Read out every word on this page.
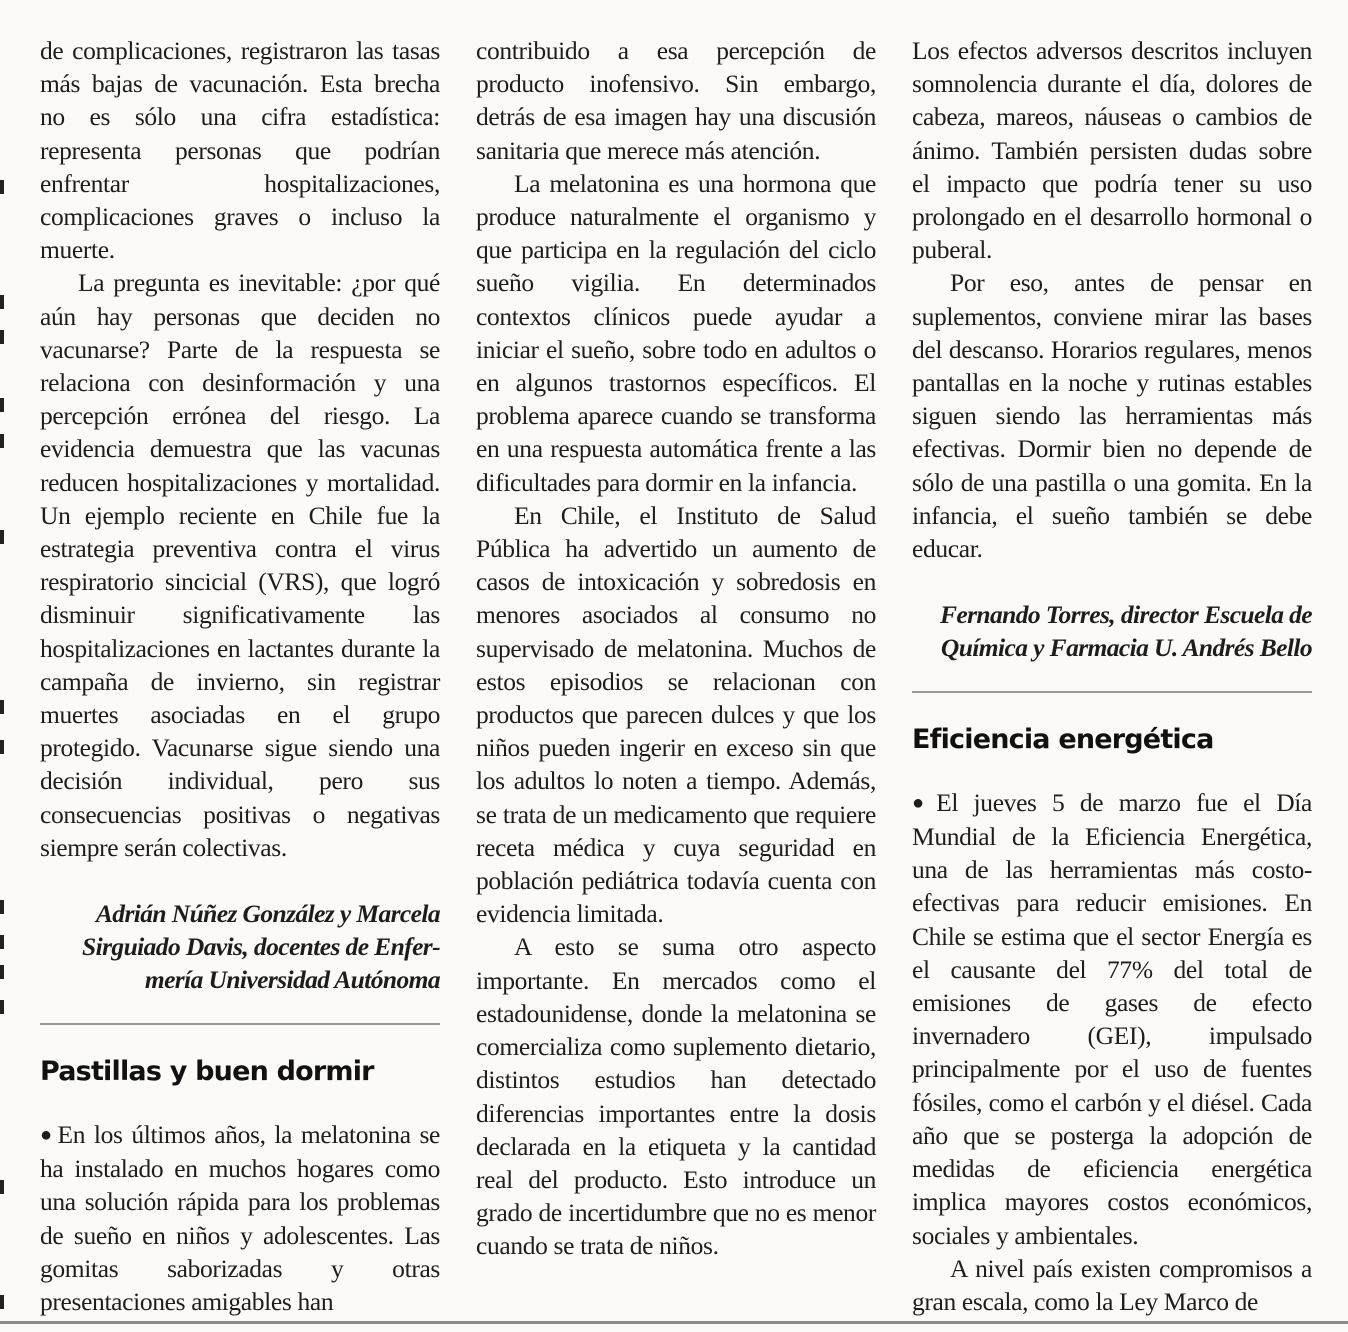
de complicaciones, registraron las tasas más bajas de vacunación. Esta brecha no es sólo una cifra estadística: representa personas que podrían enfrentar hospitalizaciones, complicaciones graves o incluso la muerte.

La pregunta es inevitable: ¿por qué aún hay personas que deciden no vacunarse? Parte de la respuesta se relaciona con desinformación y una percepción errónea del riesgo. La evidencia demuestra que las vacunas reducen hospitalizaciones y mortalidad. Un ejemplo reciente en Chile fue la estrategia preventiva contra el virus respiratorio sincicial (VRS), que logró disminuir significativamente las hospitalizaciones en lactantes durante la campaña de invierno, sin registrar muertes asociadas en el grupo protegido. Vacunarse sigue siendo una decisión individual, pero sus consecuencias positivas o negativas siempre serán colectivas.

Adrián Núñez González y Marcela

Sirguiado Davis, docentes de Enfer-

mería Universidad Autónoma

Pastillas y buen dormir

● En los últimos años, la melatonina se ha instalado en muchos hogares como una solución rápida para los problemas de sueño en niños y adolescentes. Las gomitas saborizadas y otras presentaciones amigables han

contribuido a esa percepción de producto inofensivo. Sin embargo, detrás de esa imagen hay una discusión sanitaria que merece más atención.

La melatonina es una hormona que produce naturalmente el organismo y que participa en la regulación del ciclo sueño vigilia. En determinados contextos clínicos puede ayudar a iniciar el sueño, sobre todo en adultos o en algunos trastornos específicos. El problema aparece cuando se transforma en una respuesta automática frente a las dificultades para dormir en la infancia.

En Chile, el Instituto de Salud Pública ha advertido un aumento de casos de intoxicación y sobredosis en menores asociados al consumo no supervisado de melatonina. Muchos de estos episodios se relacionan con productos que parecen dulces y que los niños pueden ingerir en exceso sin que los adultos lo noten a tiempo. Además, se trata de un medicamento que requiere receta médica y cuya seguridad en población pediátrica todavía cuenta con evidencia limitada.

A esto se suma otro aspecto importante. En mercados como el estadounidense, donde la melatonina se comercializa como suplemento dietario, distintos estudios han detectado diferencias importantes entre la dosis declarada en la etiqueta y la cantidad real del producto. Esto introduce un grado de incertidumbre que no es menor cuando se trata de niños.

Los efectos adversos descritos incluyen somnolencia durante el día, dolores de cabeza, mareos, náuseas o cambios de ánimo. También persisten dudas sobre el impacto que podría tener su uso prolongado en el desarrollo hormonal o puberal.

Por eso, antes de pensar en suplementos, conviene mirar las bases del descanso. Horarios regulares, menos pantallas en la noche y rutinas estables siguen siendo las herramientas más efectivas. Dormir bien no depende de sólo de una pastilla o una gomita. En la infancia, el sueño también se debe educar.

Fernando Torres, director Escuela de

Química y Farmacia U. Andrés Bello

Eficiencia energética

● El jueves 5 de marzo fue el Día Mundial de la Eficiencia Energética, una de las herramientas más costo-efectivas para reducir emisiones. En Chile se estima que el sector Energía es el causante del 77% del total de emisiones de gases de efecto invernadero (GEI), impulsado principalmente por el uso de fuentes fósiles, como el carbón y el diésel. Cada año que se posterga la adopción de medidas de eficiencia energética implica mayores costos económicos, sociales y ambientales.

A nivel país existen compromisos a gran escala, como la Ley Marco de
